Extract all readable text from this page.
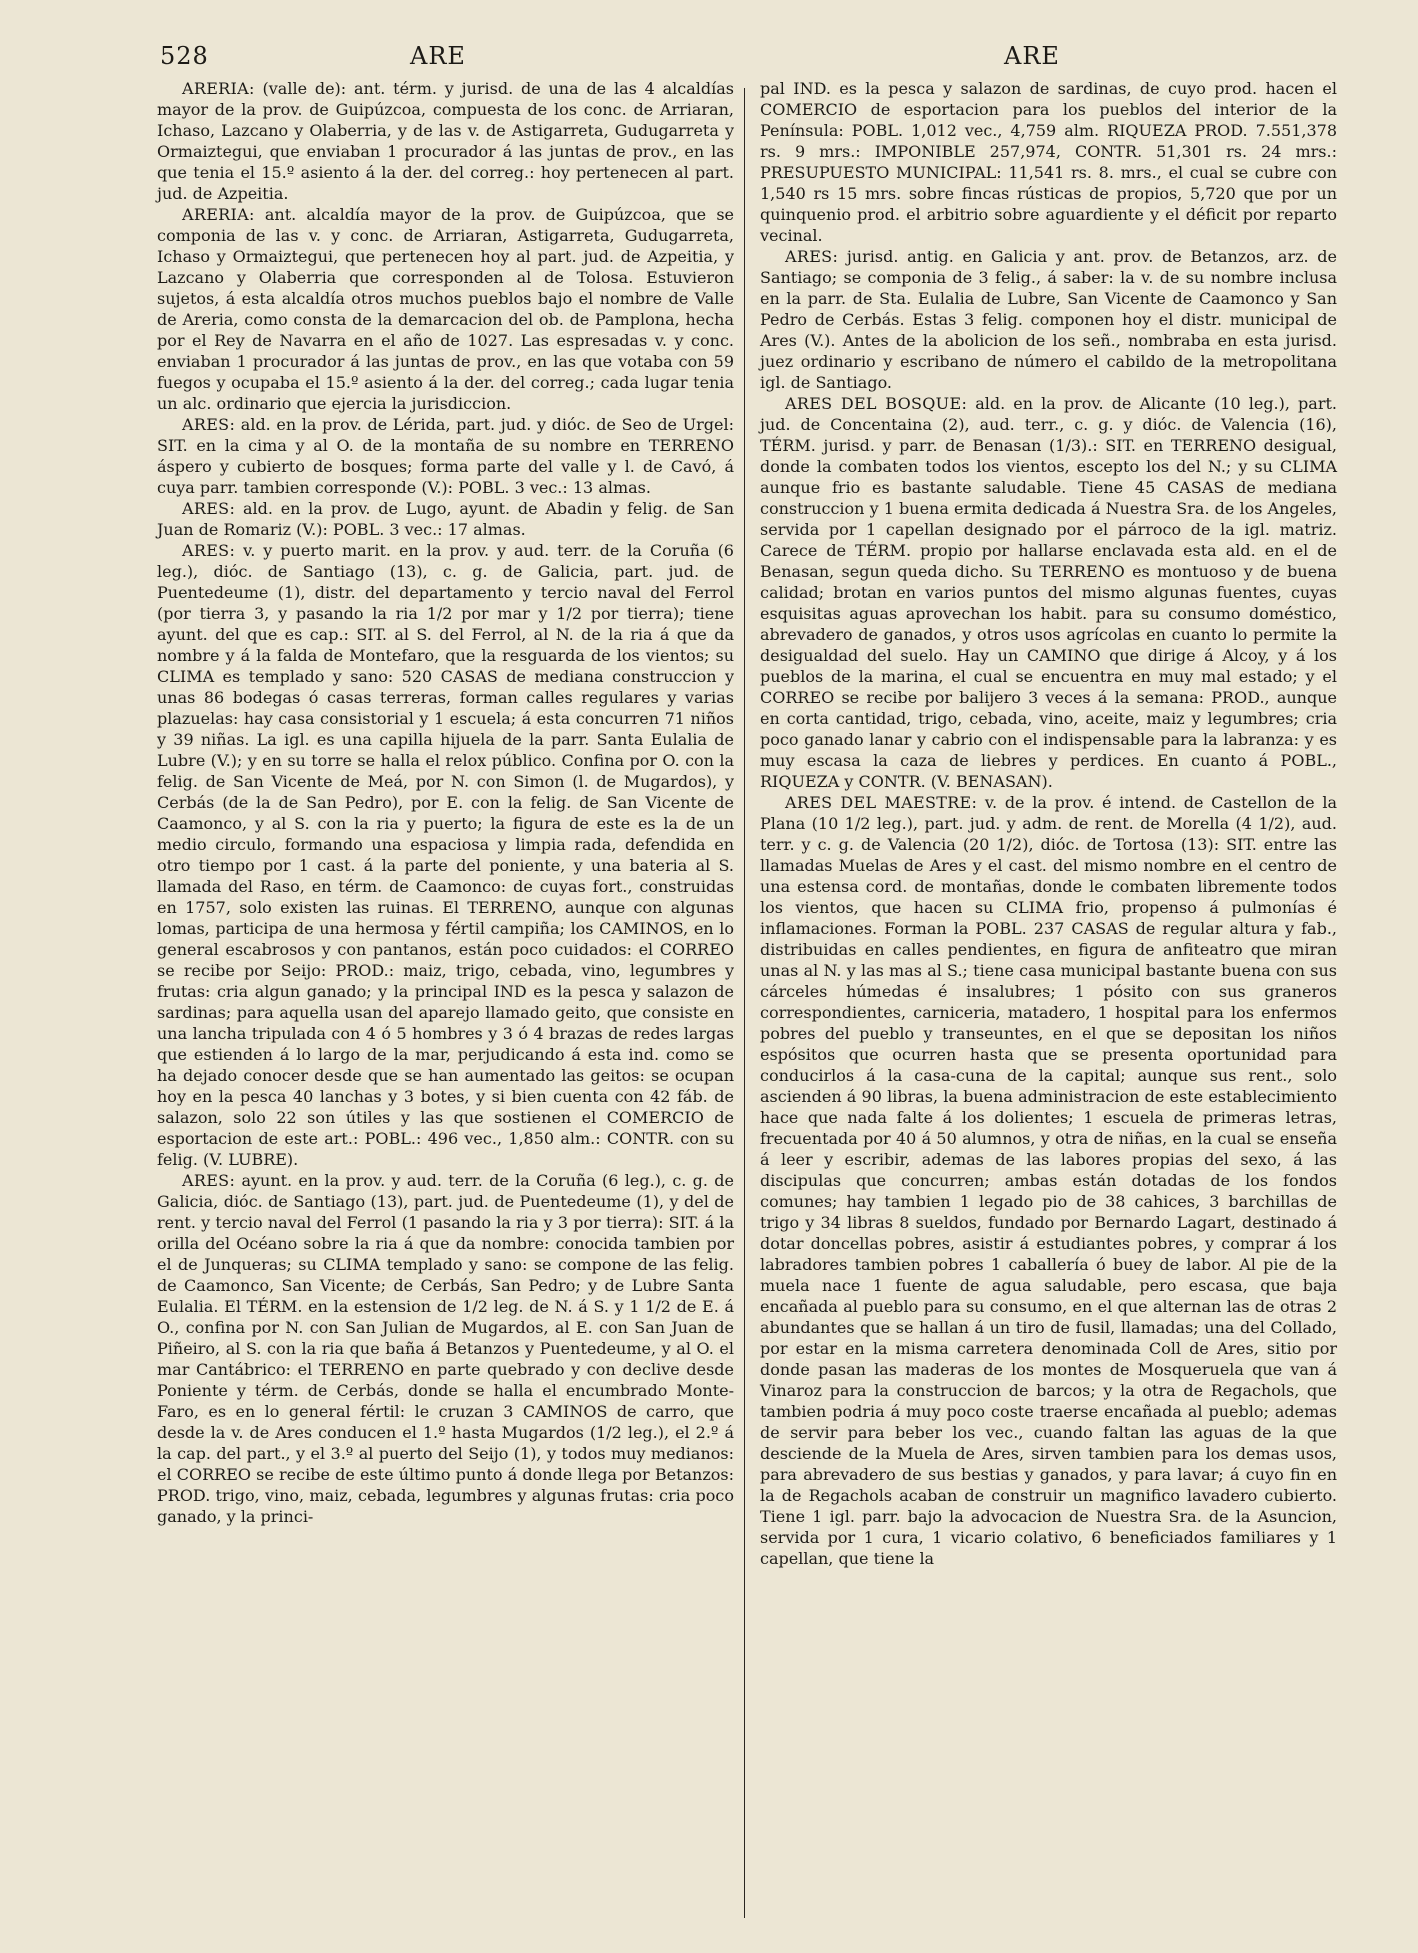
528	ARE	ARE

ARERIA: (valle de): ant. térm. y jurisd. de una de las 4 alcaldías mayor de la prov. de Guipúzcoa, compuesta de los conc. de Arriaran, Ichaso, Lazcano y Olaberria, y de las v. de Astigarreta, Gudugarreta y Ormaiztegui, que enviaban 1 procurador á las juntas de prov., en las que tenia el 15.º asiento á la der. del correg.: hoy pertenecen al part. jud. de Azpeitia.

ARERIA: ant. alcaldía mayor de la prov. de Guipúzcoa, que se componia de las v. y conc. de Arriaran, Astigarreta, Gudugarreta, Ichaso y Ormaiztegui, que pertenecen hoy al part. jud. de Azpeitia, y Lazcano y Olaberria que corresponden al de Tolosa. Estuvieron sujetos, á esta alcaldía otros muchos pueblos bajo el nombre de Valle de Areria, como consta de la demarcacion del ob. de Pamplona, hecha por el Rey de Navarra en el año de 1027. Las espresadas v. y conc. enviaban 1 procurador á las juntas de prov., en las que votaba con 59 fuegos y ocupaba el 15.º asiento á la der. del correg.; cada lugar tenia un alc. ordinario que ejercia la jurisdiccion.

ARES: ald. en la prov. de Lérida, part. jud. y dióc. de Seo de Urgel: SIT. en la cima y al O. de la montaña de su nombre en TERRENO áspero y cubierto de bosques; forma parte del valle y l. de Cavó, á cuya parr. tambien corresponde (V.): POBL. 3 vec.: 13 almas.

ARES: ald. en la prov. de Lugo, ayunt. de Abadin y felig. de San Juan de Romariz (V.): POBL. 3 vec.: 17 almas.

ARES: v. y puerto marit. en la prov. y aud. terr. de la Coruña (6 leg.), dióc. de Santiago (13), c. g. de Galicia, part. jud. de Puentedeume (1), distr. del departamento y tercio naval del Ferrol (por tierra 3, y pasando la ria 1/2 por mar y 1/2 por tierra); tiene ayunt. del que es cap.: SIT. al S. del Ferrol, al N. de la ria á que da nombre y á la falda de Montefaro, que la resguarda de los vientos; su CLIMA es templado y sano: 520 CASAS de mediana construccion y unas 86 bodegas ó casas terreras, forman calles regulares y varias plazuelas: hay casa consistorial y 1 escuela; á esta concurren 71 niños y 39 niñas. La igl. es una capilla hijuela de la parr. Santa Eulalia de Lubre (V.); y en su torre se halla el relox público. Confina por O. con la felig. de San Vicente de Meá, por N. con Simon (l. de Mugardos), y Cerbás (de la de San Pedro), por E. con la felig. de San Vicente de Caamonco, y al S. con la ria y puerto; la figura de este es la de un medio circulo, formando una espaciosa y limpia rada, defendida en otro tiempo por 1 cast. á la parte del poniente, y una bateria al S. llamada del Raso, en térm. de Caamonco: de cuyas fort., construidas en 1757, solo existen las ruinas. El TERRENO, aunque con algunas lomas, participa de una hermosa y fértil campiña; los CAMINOS, en lo general escabrosos y con pantanos, están poco cuidados: el CORREO se recibe por Seijo: PROD.: maiz, trigo, cebada, vino, legumbres y frutas: cria algun ganado; y la principal IND es la pesca y salazon de sardinas; para aquella usan del aparejo llamado geito, que consiste en una lancha tripulada con 4 ó 5 hombres y 3 ó 4 brazas de redes largas que estienden á lo largo de la mar, perjudicando á esta ind. como se ha dejado conocer desde que se han aumentado las geitos: se ocupan hoy en la pesca 40 lanchas y 3 botes, y si bien cuenta con 42 fáb. de salazon, solo 22 son útiles y las que sostienen el COMERCIO de esportacion de este art.: POBL.: 496 vec., 1,850 alm.: CONTR. con su felig. (V. LUBRE).

ARES: ayunt. en la prov. y aud. terr. de la Coruña (6 leg.), c. g. de Galicia, dióc. de Santiago (13), part. jud. de Puentedeume (1), y del de rent. y tercio naval del Ferrol (1 pasando la ria y 3 por tierra): SIT. á la orilla del Océano sobre la ria á que da nombre: conocida tambien por el de Junqueras; su CLIMA templado y sano: se compone de las felig. de Caamonco, San Vicente; de Cerbás, San Pedro; y de Lubre Santa Eulalia. El TÉRM. en la estension de 1/2 leg. de N. á S. y 1 1/2 de E. á O., confina por N. con San Julian de Mugardos, al E. con San Juan de Piñeiro, al S. con la ria que baña á Betanzos y Puentedeume, y al O. el mar Cantábrico: el TERRENO en parte quebrado y con declive desde Poniente y térm. de Cerbás, donde se halla el encumbrado Monte-Faro, es en lo general fértil: le cruzan 3 CAMINOS de carro, que desde la v. de Ares conducen el 1.º hasta Mugardos (1/2 leg.), el 2.º á la cap. del part., y el 3.º al puerto del Seijo (1), y todos muy medianos: el CORREO se recibe de este último punto á donde llega por Betanzos: PROD. trigo, vino, maiz, cebada, legumbres y algunas frutas: cria poco ganado, y la princi-

pal IND. es la pesca y salazon de sardinas, de cuyo prod. hacen el COMERCIO de esportacion para los pueblos del interior de la Península: POBL. 1,012 vec., 4,759 alm. RIQUEZA PROD. 7.551,378 rs. 9 mrs.: IMPONIBLE 257,974, CONTR. 51,301 rs. 24 mrs.: PRESUPUESTO MUNICIPAL: 11,541 rs. 8. mrs., el cual se cubre con 1,540 rs 15 mrs. sobre fincas rústicas de propios, 5,720 que por un quinquenio prod. el arbitrio sobre aguardiente y el déficit por reparto vecinal.

ARES: jurisd. antig. en Galicia y ant. prov. de Betanzos, arz. de Santiago; se componia de 3 felig., á saber: la v. de su nombre inclusa en la parr. de Sta. Eulalia de Lubre, San Vicente de Caamonco y San Pedro de Cerbás. Estas 3 felig. componen hoy el distr. municipal de Ares (V.). Antes de la abolicion de los señ., nombraba en esta jurisd. juez ordinario y escribano de número el cabildo de la metropolitana igl. de Santiago.

ARES DEL BOSQUE: ald. en la prov. de Alicante (10 leg.), part. jud. de Concentaina (2), aud. terr., c. g. y dióc. de Valencia (16), TÉRM. jurisd. y parr. de Benasan (1/3).: SIT. en TERRENO desigual, donde la combaten todos los vientos, escepto los del N.; y su CLIMA aunque frio es bastante saludable. Tiene 45 CASAS de mediana construccion y 1 buena ermita dedicada á Nuestra Sra. de los Angeles, servida por 1 capellan designado por el párroco de la igl. matriz. Carece de TÉRM. propio por hallarse enclavada esta ald. en el de Benasan, segun queda dicho. Su TERRENO es montuoso y de buena calidad; brotan en varios puntos del mismo algunas fuentes, cuyas esquisitas aguas aprovechan los habit. para su consumo doméstico, abrevadero de ganados, y otros usos agrícolas en cuanto lo permite la desigualdad del suelo. Hay un CAMINO que dirige á Alcoy, y á los pueblos de la marina, el cual se encuentra en muy mal estado; y el CORREO se recibe por balijero 3 veces á la semana: PROD., aunque en corta cantidad, trigo, cebada, vino, aceite, maiz y legumbres; cria poco ganado lanar y cabrio con el indispensable para la labranza: y es muy escasa la caza de liebres y perdices. En cuanto á POBL., RIQUEZA y CONTR. (V. BENASAN).

ARES DEL MAESTRE: v. de la prov. é intend. de Castellon de la Plana (10 1/2 leg.), part. jud. y adm. de rent. de Morella (4 1/2), aud. terr. y c. g. de Valencia (20 1/2), dióc. de Tortosa (13): SIT. entre las llamadas Muelas de Ares y el cast. del mismo nombre en el centro de una estensa cord. de montañas, donde le combaten libremente todos los vientos, que hacen su CLIMA frio, propenso á pulmonías é inflamaciones. Forman la POBL. 237 CASAS de regular altura y fab., distribuidas en calles pendientes, en figura de anfiteatro que miran unas al N. y las mas al S.; tiene casa municipal bastante buena con sus cárceles húmedas é insalubres; 1 pósito con sus graneros correspondientes, carniceria, matadero, 1 hospital para los enfermos pobres del pueblo y transeuntes, en el que se depositan los niños espósitos que ocurren hasta que se presenta oportunidad para conducirlos á la casa-cuna de la capital; aunque sus rent., solo ascienden á 90 libras, la buena administracion de este establecimiento hace que nada falte á los dolientes; 1 escuela de primeras letras, frecuentada por 40 á 50 alumnos, y otra de niñas, en la cual se enseña á leer y escribir, ademas de las labores propias del sexo, á las discipulas que concurren; ambas están dotadas de los fondos comunes; hay tambien 1 legado pio de 38 cahices, 3 barchillas de trigo y 34 libras 8 sueldos, fundado por Bernardo Lagart, destinado á dotar doncellas pobres, asistir á estudiantes pobres, y comprar á los labradores tambien pobres 1 caballería ó buey de labor. Al pie de la muela nace 1 fuente de agua saludable, pero escasa, que baja encañada al pueblo para su consumo, en el que alternan las de otras 2 abundantes que se hallan á un tiro de fusil, llamadas; una del Collado, por estar en la misma carretera denominada Coll de Ares, sitio por donde pasan las maderas de los montes de Mosqueruela que van á Vinaroz para la construccion de barcos; y la otra de Regachols, que tambien podria á muy poco coste traerse encañada al pueblo; ademas de servir para beber los vec., cuando faltan las aguas de la que desciende de la Muela de Ares, sirven tambien para los demas usos, para abrevadero de sus bestias y ganados, y para lavar; á cuyo fin en la de Regachols acaban de construir un magnifico lavadero cubierto. Tiene 1 igl. parr. bajo la advocacion de Nuestra Sra. de la Asuncion, servida por 1 cura, 1 vicario colativo, 6 beneficiados familiares y 1 capellan, que tiene la
